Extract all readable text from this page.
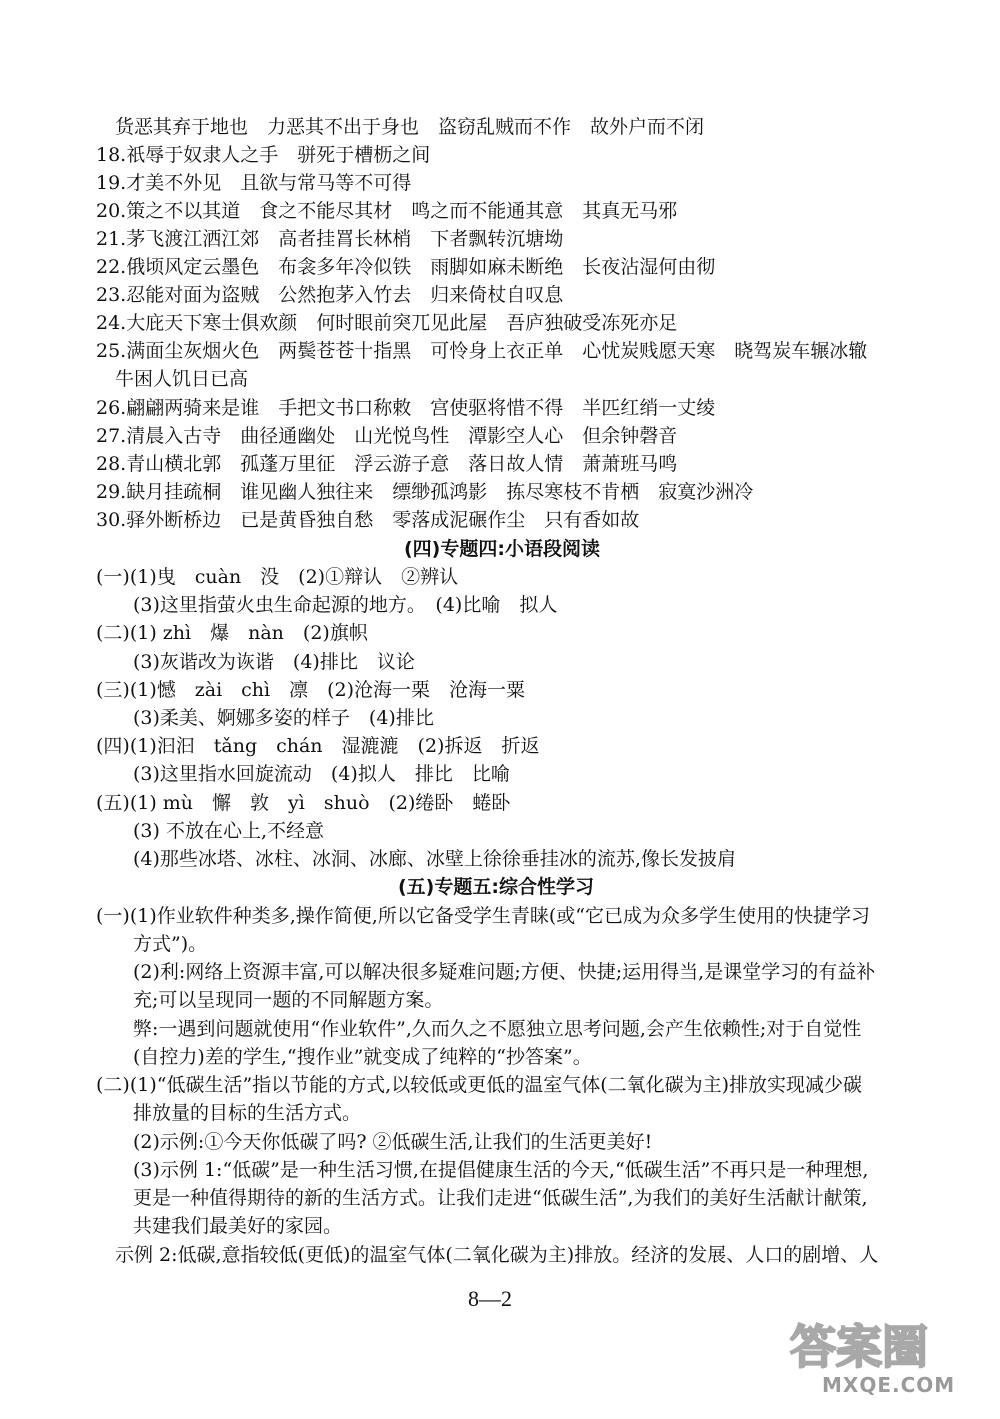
　货恶其弃于地也　力恶其不出于身也　盗窃乱贼而不作　故外户而不闭
18.祇辱于奴隶人之手　骈死于槽枥之间
19.才美不外见　且欲与常马等不可得
20.策之不以其道　食之不能尽其材　鸣之而不能通其意　其真无马邪
21.茅飞渡江洒江郊　高者挂罥长林梢　下者飘转沉塘坳
22.俄顷风定云墨色　布衾多年冷似铁　雨脚如麻未断绝　长夜沾湿何由彻
23.忍能对面为盗贼　公然抱茅入竹去　归来倚杖自叹息
24.大庇天下寒士俱欢颜　何时眼前突兀见此屋　吾庐独破受冻死亦足
25.满面尘灰烟火色　两鬓苍苍十指黑　可怜身上衣正单　心忧炭贱愿天寒　晓驾炭车辗冰辙
　牛困人饥日已高
26.翩翩两骑来是谁　手把文书口称敕　宫使驱将惜不得　半匹红绡一丈绫
27.清晨入古寺　曲径通幽处　山光悦鸟性　潭影空人心　但余钟磬音
28.青山横北郭　孤蓬万里征　浮云游子意　落日故人情　萧萧班马鸣
29.缺月挂疏桐　谁见幽人独往来　缥缈孤鸿影　拣尽寒枝不肯栖　寂寞沙洲冷
30.驿外断桥边　已是黄昏独自愁　零落成泥碾作尘　只有香如故
(四)专题四:小语段阅读
(一)(1)曳　cuàn　没　(2)①辩认　②辨认
　(3)这里指萤火虫生命起源的地方。　(4)比喻　拟人
(二)(1) zhì　爆　nàn　(2)旗帜
　(3)灰谐改为诙谐　(4)排比　议论
(三)(1)憾　zài　chì　凛　(2)沧海一栗　沧海一粟
　(3)柔美、婀娜多姿的样子　(4)排比
(四)(1)汩汩　tǎng　chán　湿漉漉　(2)拆返　折返
　(3)这里指水回旋流动　(4)拟人　排比　比喻
(五)(1) mù　懈　敦　yì　shuò　(2)绻卧　蜷卧
　(3) 不放在心上,不经意
　(4)那些冰塔、冰柱、冰洞、冰廊、冰壁上徐徐垂挂冰的流苏,像长发披肩
(五)专题五:综合性学习
(一)(1)作业软件种类多,操作简便,所以它备受学生青睐(或“它已成为众多学生使用的快捷学习
　方式”)。
　(2)利:网络上资源丰富,可以解决很多疑难问题;方便、快捷;运用得当,是课堂学习的有益补
　充;可以呈现同一题的不同解题方案。
　弊:一遇到问题就使用“作业软件”,久而久之不愿独立思考问题,会产生依赖性;对于自觉性
　(自控力)差的学生,“搜作业”就变成了纯粹的“抄答案”。
(二)(1)“低碳生活”指以节能的方式,以较低或更低的温室气体(二氧化碳为主)排放实现减少碳
　排放量的目标的生活方式。
　(2)示例:①今天你低碳了吗? ②低碳生活,让我们的生活更美好!
　(3)示例 1:“低碳”是一种生活习惯,在提倡健康生活的今天,“低碳生活”不再只是一种理想,
　更是一种值得期待的新的生活方式。让我们走进“低碳生活”,为我们的美好生活献计献策,
　共建我们最美好的家园。
　示例 2:低碳,意指较低(更低)的温室气体(二氧化碳为主)排放。经济的发展、人口的剧增、人
8—2
答案圈
MXQE.COM
